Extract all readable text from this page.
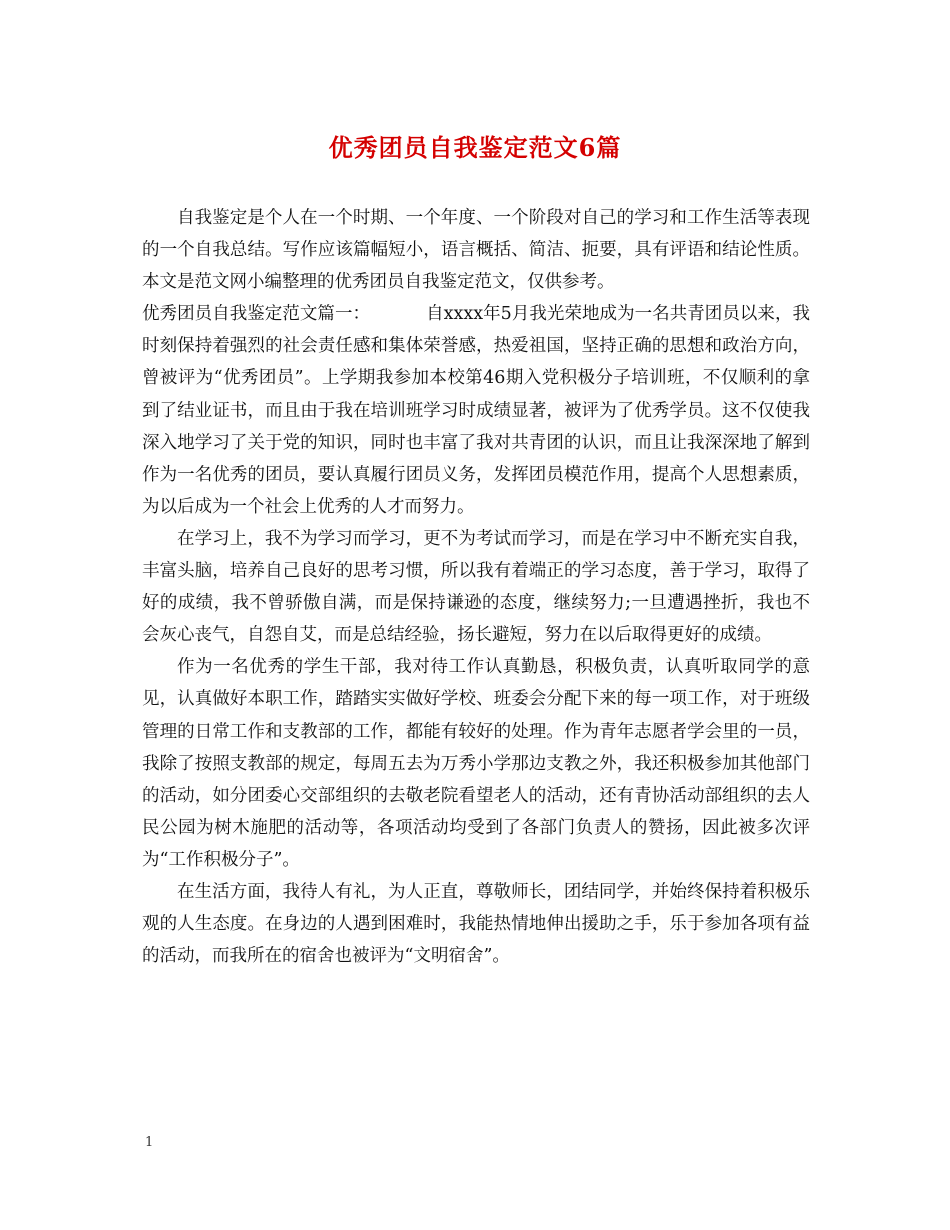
优秀团员自我鉴定范文6篇

自我鉴定是个人在一个时期、一个年度、一个阶段对自己的学习和工作生活等表现的一个自我总结。写作应该篇幅短小，语言概括、简洁、扼要，具有评语和结论性质。本文是范文网小编整理的优秀团员自我鉴定范文，仅供参考。

优秀团员自我鉴定范文篇一：	自xxxx年5月我光荣地成为一名共青团员以来，我时刻保持着强烈的社会责任感和集体荣誉感，热爱祖国，坚持正确的思想和政治方向，曾被评为“优秀团员”。上学期我参加本校第46期入党积极分子培训班，不仅顺利的拿到了结业证书，而且由于我在培训班学习时成绩显著，被评为了优秀学员。这不仅使我深入地学习了关于党的知识，同时也丰富了我对共青团的认识，而且让我深深地了解到作为一名优秀的团员，要认真履行团员义务，发挥团员模范作用，提高个人思想素质，为以后成为一个社会上优秀的人才而努力。

在学习上，我不为学习而学习，更不为考试而学习，而是在学习中不断充实自我，丰富头脑，培养自己良好的思考习惯，所以我有着端正的学习态度，善于学习，取得了好的成绩，我不曾骄傲自满，而是保持谦逊的态度，继续努力;一旦遭遇挫折，我也不会灰心丧气，自怨自艾，而是总结经验，扬长避短，努力在以后取得更好的成绩。

作为一名优秀的学生干部，我对待工作认真勤恳，积极负责，认真听取同学的意见，认真做好本职工作，踏踏实实做好学校、班委会分配下来的每一项工作，对于班级管理的日常工作和支教部的工作，都能有较好的处理。作为青年志愿者学会里的一员，我除了按照支教部的规定，每周五去为万秀小学那边支教之外，我还积极参加其他部门的活动，如分团委心交部组织的去敬老院看望老人的活动，还有青协活动部组织的去人民公园为树木施肥的活动等，各项活动均受到了各部门负责人的赞扬，因此被多次评为“工作积极分子”。

在生活方面，我待人有礼，为人正直，尊敬师长，团结同学，并始终保持着积极乐观的人生态度。在身边的人遇到困难时，我能热情地伸出援助之手，乐于参加各项有益的活动，而我所在的宿舍也被评为“文明宿舍”。

1
